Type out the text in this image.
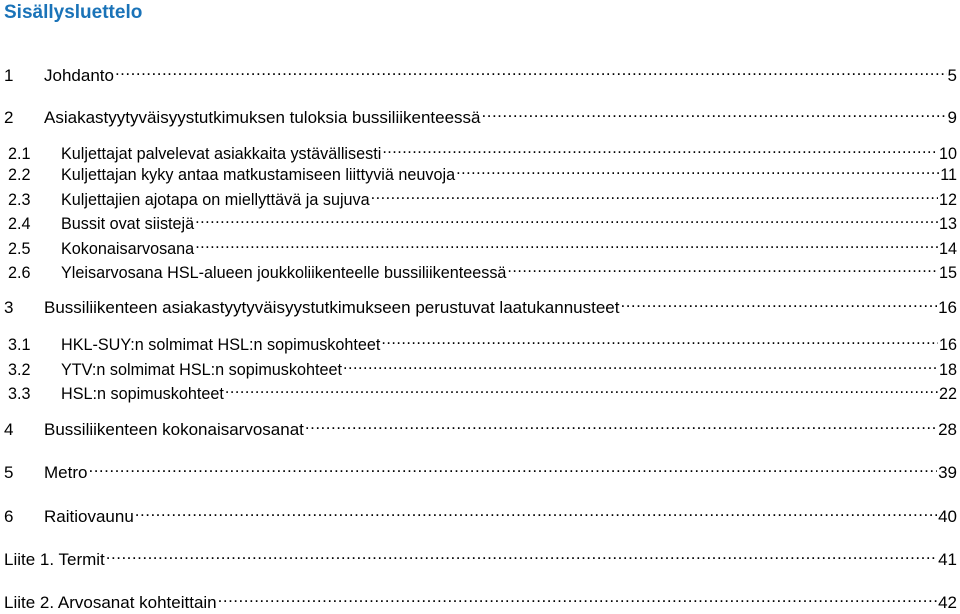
Sisällysluettelo
1	Johdanto .....	5
2	Asiakastyytyväisyystutkimuksen tuloksia bussiliikenteessä .....	9
2.1	Kuljettajat palvelevat asiakkaita ystävällisesti .....	10
2.2	Kuljettajan kyky antaa matkustamiseen liittyviä neuvoja .....	11
2.3	Kuljettajien ajotapa on miellyttävä ja sujuva .....	12
2.4	Bussit ovat siistejä .....	13
2.5	Kokonaisarvosana .....	14
2.6	Yleisarvosana HSL-alueen joukkoliikenteelle bussiliikenteessä .....	15
3	Bussiliikenteen asiakastyytyväisyystutkimukseen perustuvat laatukannusteet .....	16
3.1	HKL-SUY:n solmimat HSL:n sopimuskohteet .....	16
3.2	YTV:n solmimat HSL:n sopimuskohteet .....	18
3.3	HSL:n sopimuskohteet .....	22
4	Bussiliikenteen kokonaisarvosanat .....	28
5	Metro .....	39
6	Raitiovaunu .....	40
Liite 1. Termit .....	41
Liite 2. Arvosanat kohteittain .....	42
